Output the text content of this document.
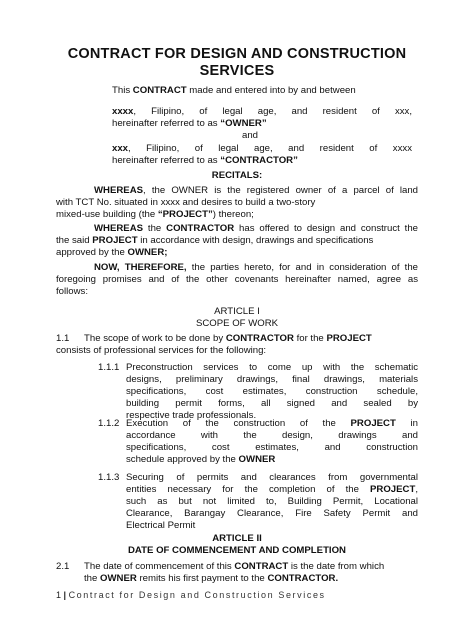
CONTRACT FOR DESIGN AND CONSTRUCTION
SERVICES
This CONTRACT made and entered into by and between
xxxx, Filipino, of legal age, and resident of xxx,
hereinafter referred to as “OWNER”
and
xxx, Filipino, of legal age, and resident of xxxx
hereinafter referred to as “CONTRACTOR”
RECITALS:
WHEREAS, the OWNER is the registered owner of a parcel of land
with TCT No. situated in xxxx and desires to build a two-story
mixed-use building (the “PROJECT”) thereon;
WHEREAS the CONTRACTOR has offered to design and construct the
the said PROJECT in accordance with design, drawings and specifications
approved by the OWNER;
NOW, THEREFORE, the parties hereto, for and in consideration of the
foregoing promises and of the other covenants hereinafter named, agree as
follows:
ARTICLE I
SCOPE OF WORK
1.1 The scope of work to be done by CONTRACTOR for the PROJECT
consists of professional services for the following:
1.1.1 Preconstruction services to come up with the schematic
designs, preliminary drawings, final drawings, materials
specifications, cost estimates, construction schedule,
building permit forms, all signed and sealed by
respective trade professionals.
1.1.2 Execution of the construction of the PROJECT in
accordance with the design, drawings and
specifications, cost estimates, and construction
schedule approved by the OWNER
1.1.3 Securing of permits and clearances from governmental
entities necessary for the completion of the PROJECT,
such as but not limited to, Building Permit, Locational
Clearance, Barangay Clearance, Fire Safety Permit and
Electrical Permit
ARTICLE II
DATE OF COMMENCEMENT AND COMPLETION
2.1 The date of commencement of this CONTRACT is the date from which
the OWNER remits his first payment to the CONTRACTOR.
1 | Contract for Design and Construction Services
